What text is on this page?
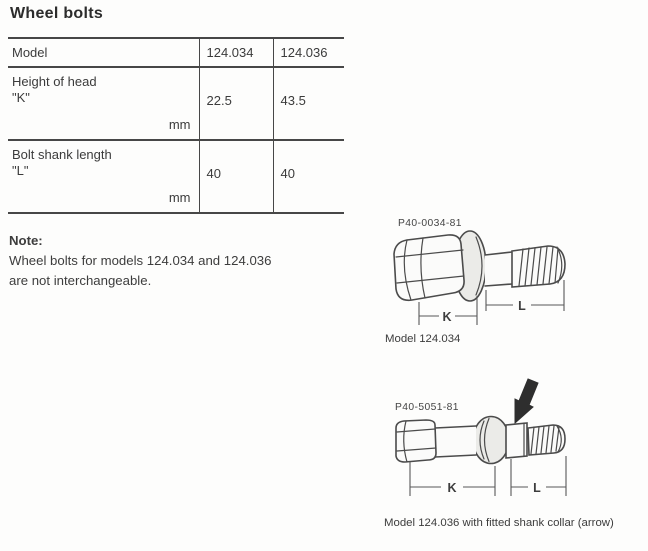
Wheel bolts
Model	124.034	124.036

Height of head
"K"
mm	22.5	43.5

Bolt shank length
"L"
mm	40	40
Note:
Wheel bolts for models 124.034 and 124.036
are not interchangeable.
P40-0034-81
L
K
Model 124.034
P40-5051-81
K	L
Model 124.036 with fitted shank collar (arrow)
